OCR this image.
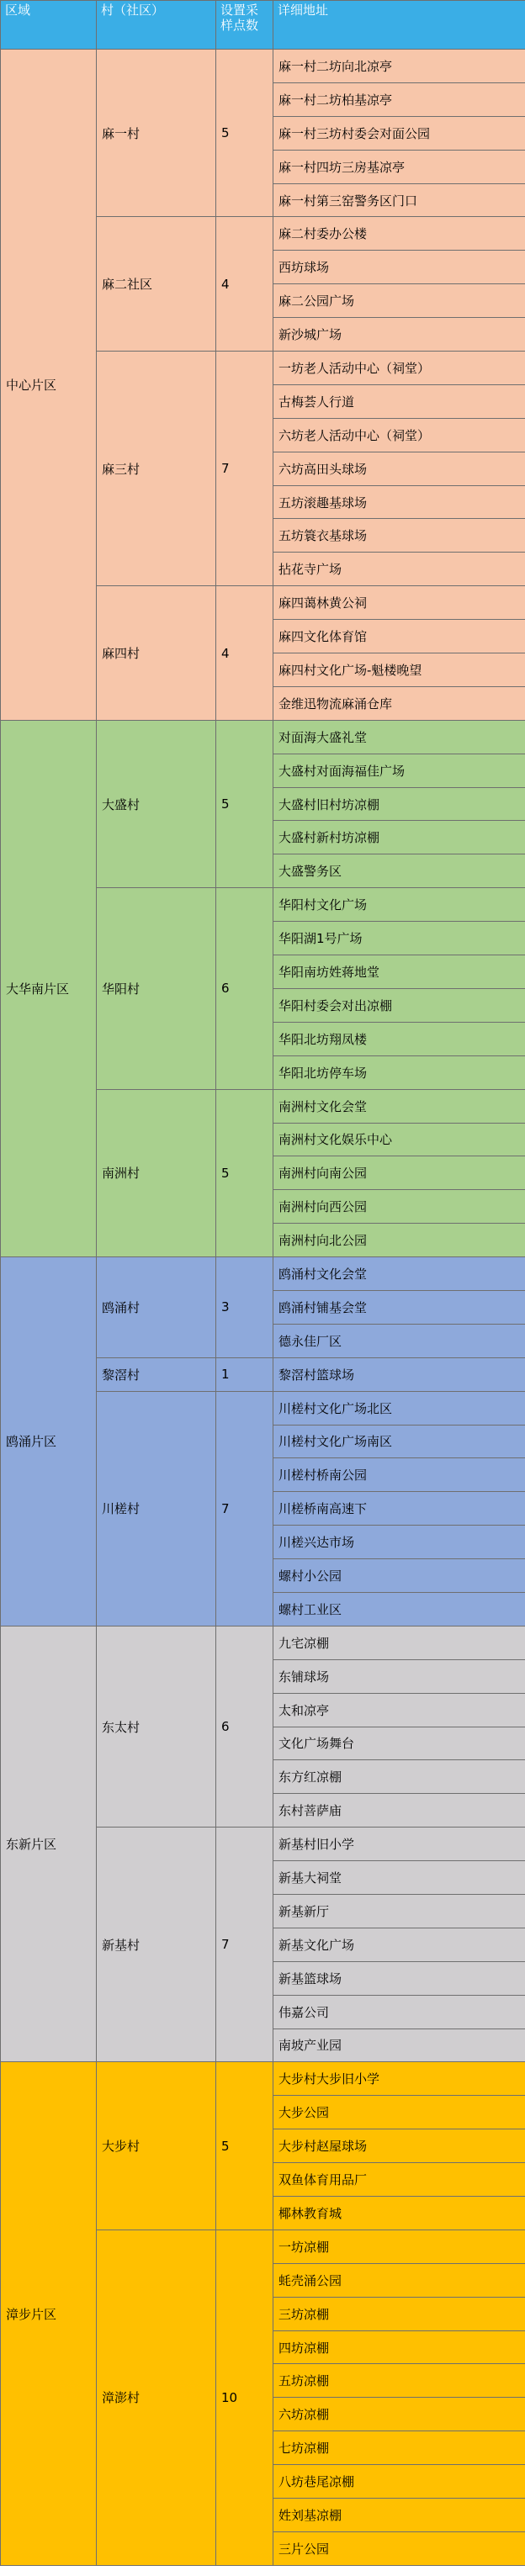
区域	村（社区）	设置采样点数	详细地址
中心片区	麻一村	5	麻一村二坊向北凉亭
			麻一村二坊柏基凉亭
			麻一村三坊村委会对面公园
			麻一村四坊三房基凉亭
			麻一村第三窑警务区门口
	麻二社区	4	麻二村委办公楼
			西坊球场
			麻二公园广场
			新沙城广场
	麻三村	7	一坊老人活动中心（祠堂）
			古梅荟人行道
			六坊老人活动中心（祠堂）
			六坊高田头球场
			五坊滚趣基球场
			五坊簑衣基球场
			拈花寺广场
	麻四村	4	麻四蔼林黄公祠
			麻四文化体育馆
			麻四村文化广场-魁楼晚望
			金维迅物流麻涌仓库
大华南片区	大盛村	5	对面海大盛礼堂
			大盛村对面海福佳广场
			大盛村旧村坊凉棚
			大盛村新村坊凉棚
			大盛警务区
	华阳村	6	华阳村文化广场
			华阳湖1号广场
			华阳南坊姓蒋地堂
			华阳村委会对出凉棚
			华阳北坊翔凤楼
			华阳北坊停车场
	南洲村	5	南洲村文化会堂
			南洲村文化娱乐中心
			南洲村向南公园
			南洲村向西公园
			南洲村向北公园
鸥涌片区	鸥涌村	3	鸥涌村文化会堂
			鸥涌村铺基会堂
			德永佳厂区
	黎滘村	1	黎滘村篮球场
	川槎村	7	川槎村文化广场北区
			川槎村文化广场南区
			川槎村桥南公园
			川槎桥南高速下
			川槎兴达市场
			螺村小公园
			螺村工业区
东新片区	东太村	6	九宅凉棚
			东铺球场
			太和凉亭
			文化广场舞台
			东方红凉棚
			东村菩萨庙
	新基村	7	新基村旧小学
			新基大祠堂
			新基新厅
			新基文化广场
			新基篮球场
			伟嘉公司
			南坡产业园
漳步片区	大步村	5	大步村大步旧小学
			大步公园
			大步村赵屋球场
			双鱼体育用品厂
			椰林教育城
	漳澎村	10	一坊凉棚
			蚝壳涌公园
			三坊凉棚
			四坊凉棚
			五坊凉棚
			六坊凉棚
			七坊凉棚
			八坊巷尾凉棚
			姓刘基凉棚
			三片公园
